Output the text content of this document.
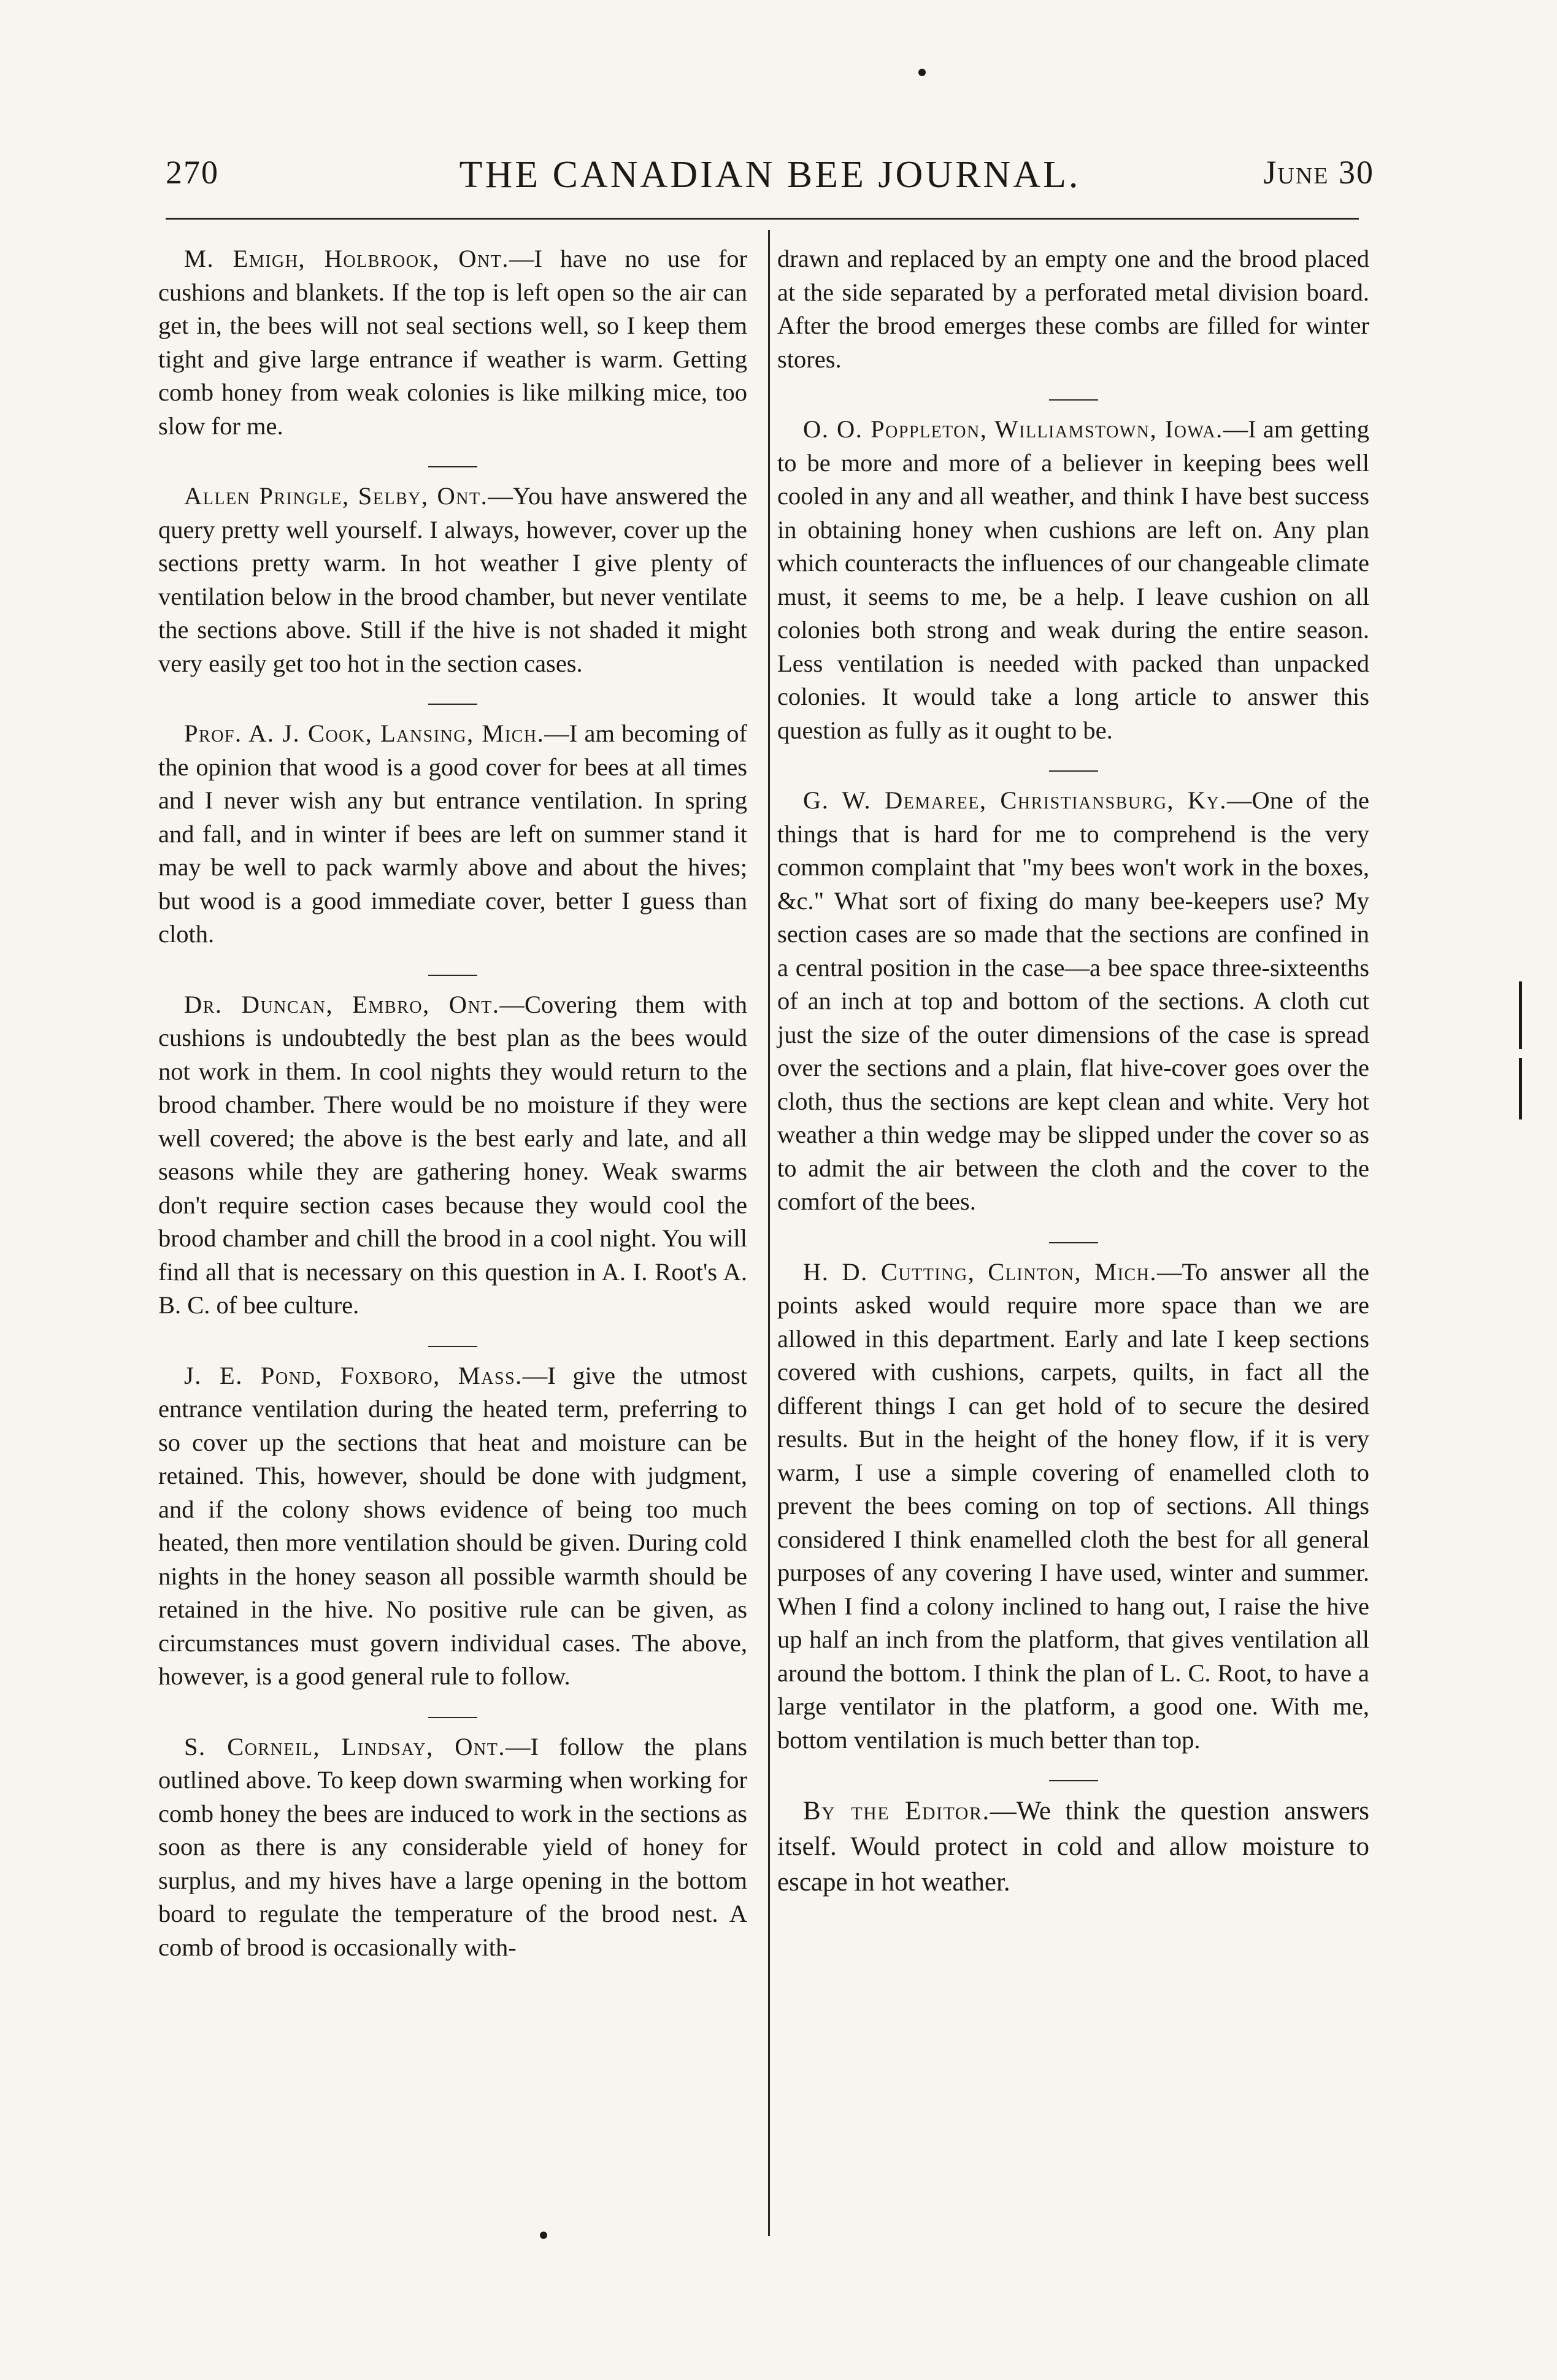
270	THE CANADIAN BEE JOURNAL.	June 30
M. Emigh, Holbrook, Ont.—I have no use for cushions and blankets. If the top is left open so the air can get in, the bees will not seal sections well, so I keep them tight and give large entrance if weather is warm. Getting comb honey from weak colonies is like milking mice, too slow for me.
Allen Pringle, Selby, Ont.—You have answered the query pretty well yourself. I always, however, cover up the sections pretty warm. In hot weather I give plenty of ventilation below in the brood chamber, but never ventilate the sections above. Still if the hive is not shaded it might very easily get too hot in the section cases.
Prof. A. J. Cook, Lansing, Mich.—I am becoming of the opinion that wood is a good cover for bees at all times and I never wish any but entrance ventilation. In spring and fall, and in winter if bees are left on summer stand it may be well to pack warmly above and about the hives; but wood is a good immediate cover, better I guess than cloth.
Dr. Duncan, Embro, Ont.—Covering them with cushions is undoubtedly the best plan as the bees would not work in them. In cool nights they would return to the brood chamber. There would be no moisture if they were well covered; the above is the best early and late, and all seasons while they are gathering honey. Weak swarms don't require section cases because they would cool the brood chamber and chill the brood in a cool night. You will find all that is necessary on this question in A. I. Root's A. B. C. of bee culture.
J. E. Pond, Foxboro, Mass.—I give the utmost entrance ventilation during the heated term, preferring to so cover up the sections that heat and moisture can be retained. This, however, should be done with judgment, and if the colony shows evidence of being too much heated, then more ventilation should be given. During cold nights in the honey season all possible warmth should be retained in the hive. No positive rule can be given, as circumstances must govern individual cases. The above, however, is a good general rule to follow.
S. Corneil, Lindsay, Ont.—I follow the plans outlined above. To keep down swarming when working for comb honey the bees are induced to work in the sections as soon as there is any considerable yield of honey for surplus, and my hives have a large opening in the bottom board to regulate the temperature of the brood nest. A comb of brood is occasionally with-
drawn and replaced by an empty one and the brood placed at the side separated by a perforated metal division board. After the brood emerges these combs are filled for winter stores.
O. O. Poppleton, Williamstown, Iowa.—I am getting to be more and more of a believer in keeping bees well cooled in any and all weather, and think I have best success in obtaining honey when cushions are left on. Any plan which counteracts the influences of our changeable climate must, it seems to me, be a help. I leave cushion on all colonies both strong and weak during the entire season. Less ventilation is needed with packed than unpacked colonies. It would take a long article to answer this question as fully as it ought to be.
G. W. Demaree, Christiansburg, Ky.—One of the things that is hard for me to comprehend is the very common complaint that "my bees won't work in the boxes, &c." What sort of fixing do many bee-keepers use? My section cases are so made that the sections are confined in a central position in the case—a bee space three-sixteenths of an inch at top and bottom of the sections. A cloth cut just the size of the outer dimensions of the case is spread over the sections and a plain, flat hive-cover goes over the cloth, thus the sections are kept clean and white. Very hot weather a thin wedge may be slipped under the cover so as to admit the air between the cloth and the cover to the comfort of the bees.
H. D. Cutting, Clinton, Mich.—To answer all the points asked would require more space than we are allowed in this department. Early and late I keep sections covered with cushions, carpets, quilts, in fact all the different things I can get hold of to secure the desired results. But in the height of the honey flow, if it is very warm, I use a simple covering of enamelled cloth to prevent the bees coming on top of sections. All things considered I think enamelled cloth the best for all general purposes of any covering I have used, winter and summer. When I find a colony inclined to hang out, I raise the hive up half an inch from the platform, that gives ventilation all around the bottom. I think the plan of L. C. Root, to have a large ventilator in the platform, a good one. With me, bottom ventilation is much better than top.
By the Editor.—We think the question answers itself. Would protect in cold and allow moisture to escape in hot weather.
